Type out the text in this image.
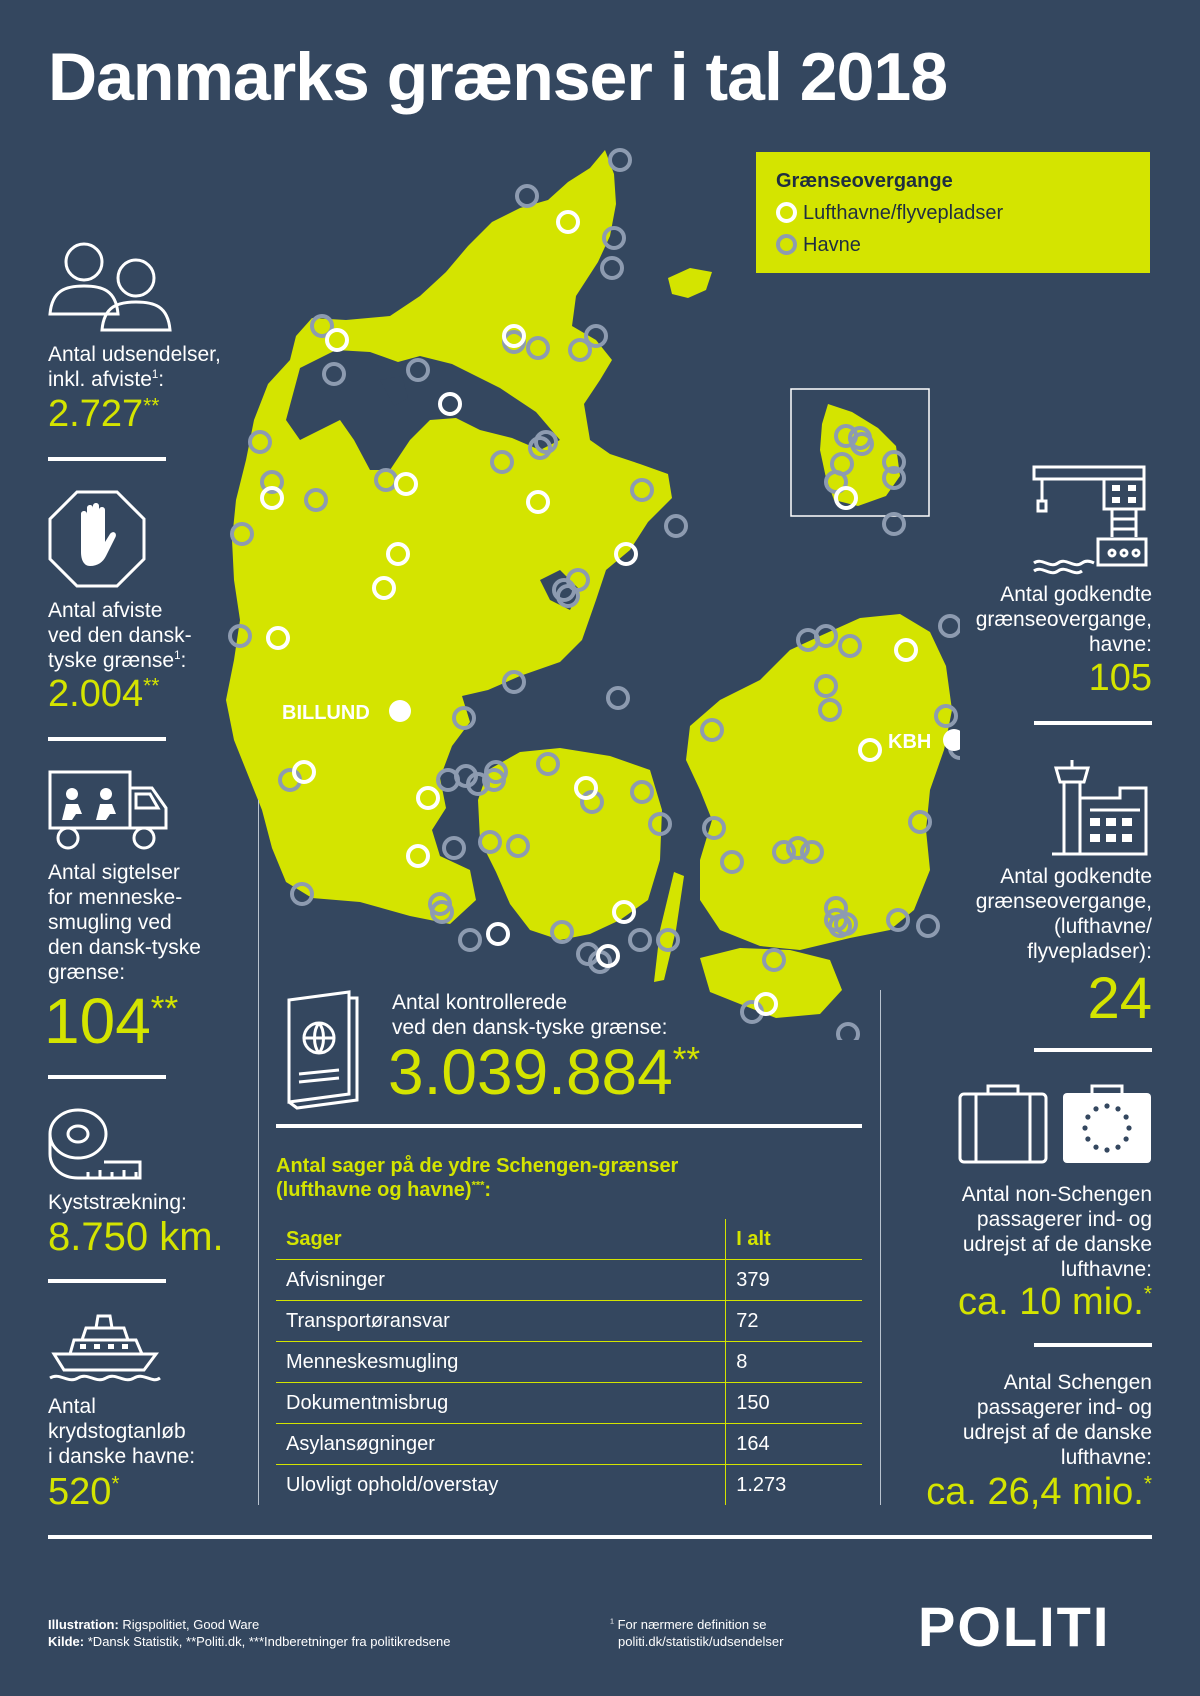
Danmarks grænser i tal 2018
BILLUND
KBH
Grænseovergange
Lufthavne/flyvepladser
Havne
Antal udsendelser,
inkl. afviste$^1$:
2.727**
Antal afviste
ved den dansk-
tyske grænse$^1$:
2.004**
Antal sigtelser
for menneske-
smugling ved
den dansk-tyske
grænse:
104**
Kyststrækning:
8.750 km.
Antal
krydstogtanløb
i danske havne:
520*
Antal kontrollerede
ved den dansk-tyske grænse:
3.039.884**
Antal sager på de ydre Schengen-grænser
(lufthavne og havne)***:
Sager	I alt
Afvisninger	379
Transportøransvar	72
Menneskesmugling	8
Dokumentmisbrug	150
Asylansøgninger	164
Ulovligt ophold/overstay	1.273
Antal godkendte
grænseovergange,
havne:
105
Antal godkendte
grænseovergange,
(lufthavne/
flyvepladser):
24
Antal non-Schengen
passagerer ind- og
udrejst af de danske
lufthavne:
ca. 10 mio.*
Antal Schengen
passagerer ind- og
udrejst af de danske
lufthavne:
ca. 26,4 mio.*
Illustration: Rigspolitiet, Good Ware
Kilde: *Dansk Statistik, **Politi.dk, ***Indberetninger fra politikredsene
$^1$ For nærmere definition se
politi.dk/statistik/udsendelser POLITI
